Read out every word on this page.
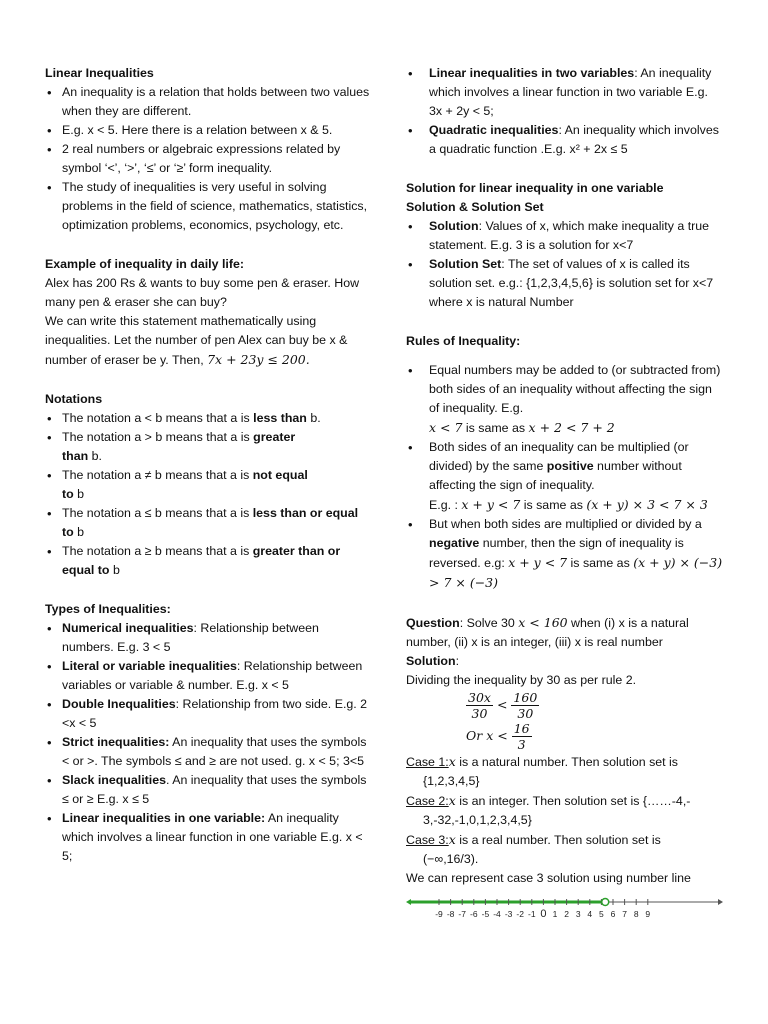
Linear Inequalities

• An inequality is a relation that holds between two values when they are different.
• E.g. x < 5. Here there is a relation between x & 5.
• 2 real numbers or algebraic expressions related by symbol ‘<’, ‘>’, ‘≤’ or ‘≥’ form inequality.
• The study of inequalities is very useful in solving problems in the field of science, mathematics, statistics, optimization problems, economics, psychology, etc.

Example of inequality in daily life:

Alex has 200 Rs & wants to buy some pen & eraser. How many pen & eraser she can buy?

We can write this statement mathematically using inequalities. Let the number of pen Alex can buy be x & number of eraser be y. Then, 7x + 23y ≤ 200.

Notations

• The notation a < b means that a is less than b.
• The notation a > b means that a is greater than b.
• The notation a ≠ b means that a is not equal to b
• The notation a ≤ b means that a is less than or equal to b
• The notation a ≥ b means that a is greater than or equal to b

Types of Inequalities:

• Numerical inequalities: Relationship between numbers. E.g. 3 < 5
• Literal or variable inequalities: Relationship between variables or variable & number. E.g. x < 5
• Double Inequalities: Relationship from two side. E.g. 2 <x < 5
• Strict inequalities: An inequality that uses the symbols < or >. The symbols ≤ and ≥ are not used. g. x < 5; 3<5
• Slack inequalities. An inequality that uses the symbols ≤ or ≥ E.g. x ≤ 5
• Linear inequalities in one variable: An inequality which involves a linear function in one variable E.g. x < 5;
• Linear inequalities in two variables: An inequality which involves a linear function in two variable E.g. 3x + 2y < 5;
• Quadratic inequalities: An inequality which involves a quadratic function .E.g. x² + 2x ≤ 5

Solution for linear inequality in one variable

Solution & Solution Set

• Solution: Values of x, which make inequality a true statement. E.g. 3 is a solution for x<7
• Solution Set: The set of values of x is called its solution set. e.g.: {1,2,3,4,5,6} is solution set for x<7 where x is natural Number

Rules of Inequality:

• Equal numbers may be added to (or subtracted from) both sides of an inequality without affecting the sign of inequality. E.g.
x < 7 is same as x + 2 < 7 + 2
• Both sides of an inequality can be multiplied (or divided) by the same positive number without affecting the sign of inequality.
E.g. : x + y < 7 is same as (x + y) × 3 < 7 × 3
• But when both sides are multiplied or divided by a negative number, then the sign of inequality is reversed. e.g: x + y < 7 is same as (x + y) × (−3) > 7 × (−3)

Question: Solve 30 x < 160 when (i) x is a natural number, (ii) x is an integer, (iii) x is real number

Solution:

Dividing the inequality by 30 as per rule 2.

$\frac{30x}{30} < \frac{160}{30}$
Or $x < \frac{16}{3}$

Case 1:x is a natural number. Then solution set is

{1,2,3,4,5}

Case 2:x is an integer. Then solution set is {……-4,-

3,-32,-1,0,1,2,3,4,5}

Case 3:x is a real number. Then solution set is

(−∞,16/3).

We can represent case 3 solution using number line

-9 -8 -7 -6 -5 -4 -3 -2 -1 0 1 2 3 4 5 6 7 8 9
